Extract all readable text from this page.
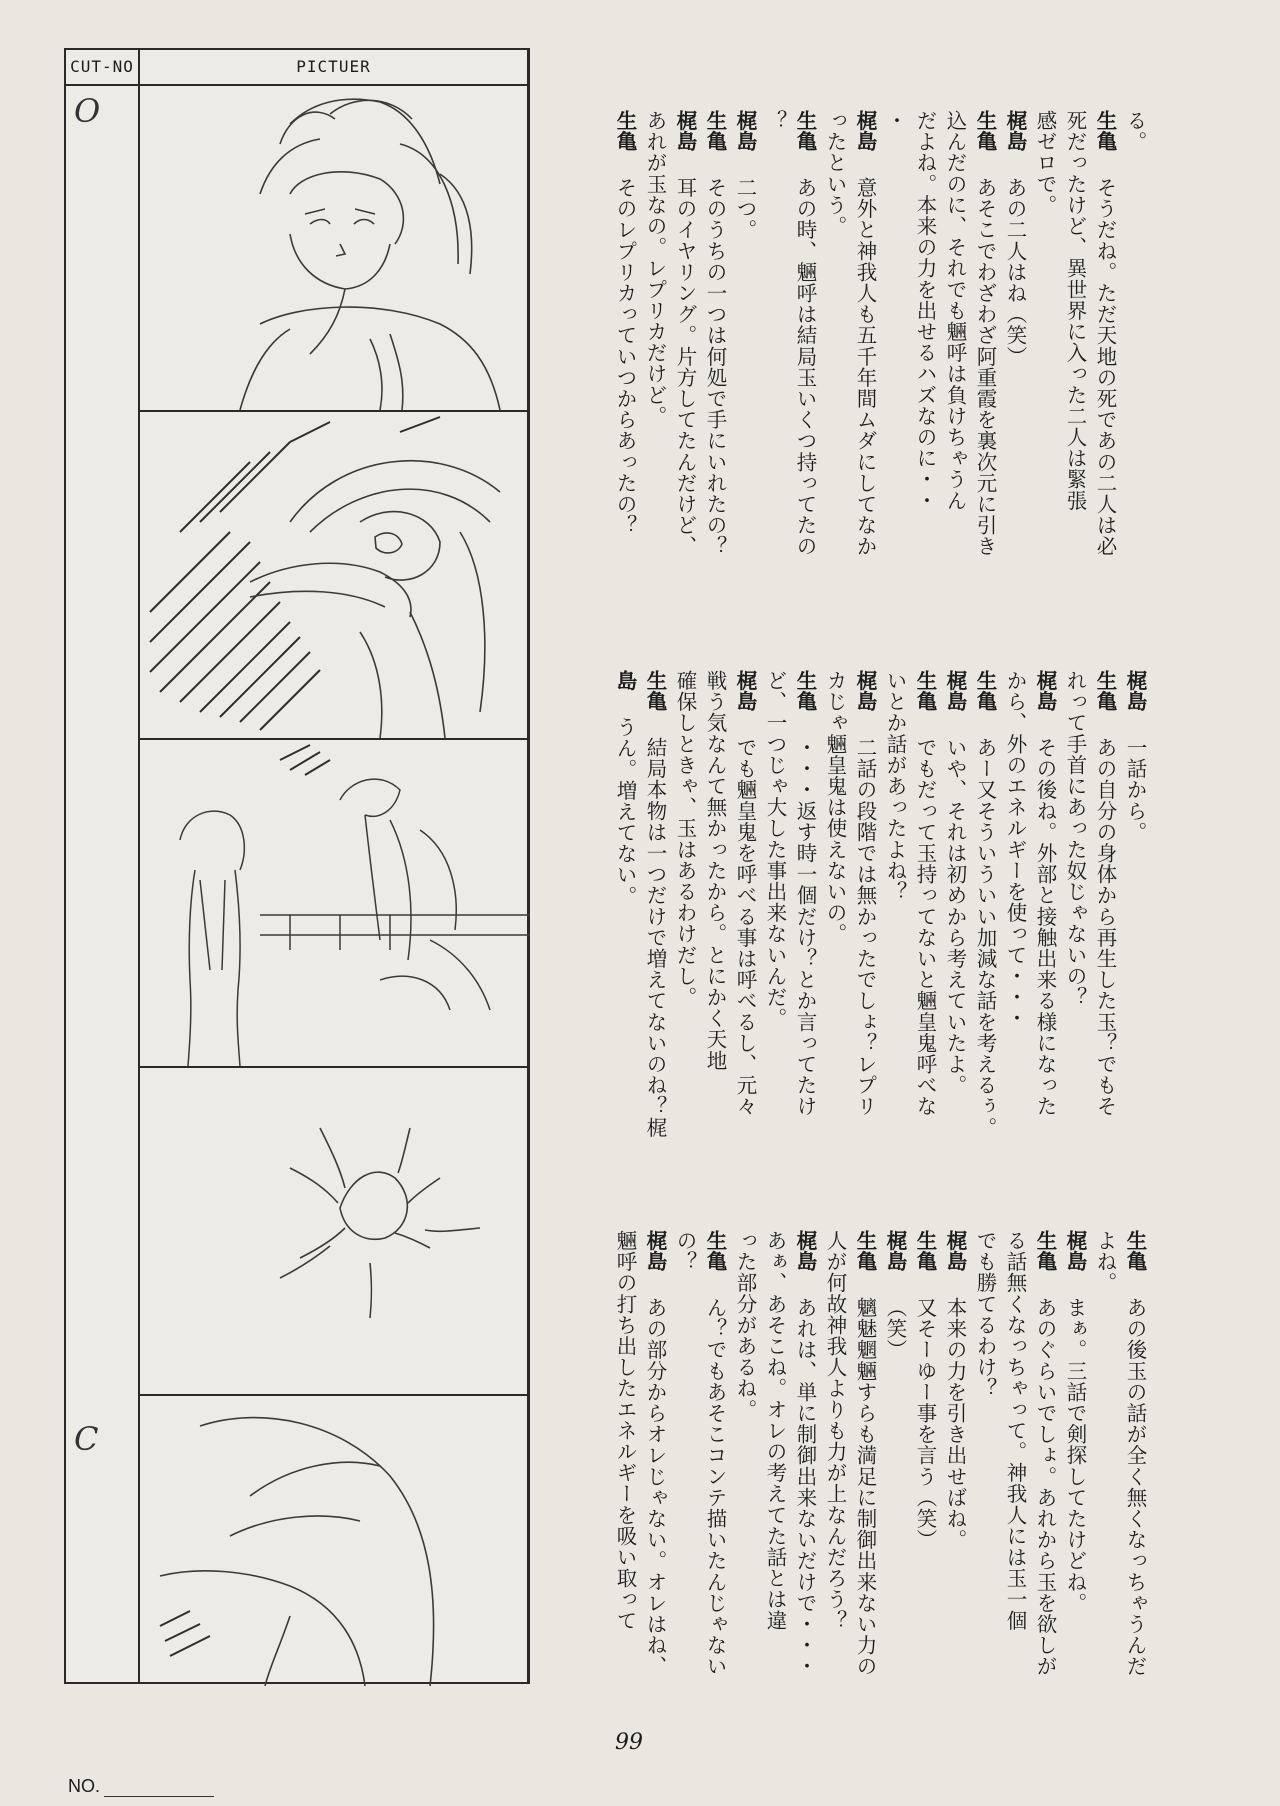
CUT-NO	PICTUER
O
C
NO.
る。
生亀そうだね。ただ天地の死であの二人は必
死だったけど、異世界に入った二人は緊張
感ゼロで。
梶島あの二人はね（笑）
生亀あそこでわざわざ阿重霞を裏次元に引き
込んだのに、それでも魎呼は負けちゃうん
だよね。本来の力を出せるハズなのに・・
・
梶島意外と神我人も五千年間ムダにしてなか
ったという。
生亀あの時、魎呼は結局玉いくつ持ってたの
？
梶島二つ。
生亀そのうちの一つは何処で手にいれたの？
梶島耳のイヤリング。片方してたんだけど、
あれが玉なの。レプリカだけど。
生亀そのレプリカっていつからあったの？
梶島一話から。
生亀あの自分の身体から再生した玉？でもそ
れって手首にあった奴じゃないの？
梶島その後ね。外部と接触出来る様になった
から、外のエネルギーを使って・・・
生亀あー又そういういい加減な話を考えるぅ。
梶島いや、それは初めから考えていたよ。
生亀でもだって玉持ってないと魎皇鬼呼べな
いとか話があったよね？
梶島二話の段階では無かったでしょ？レプリ
カじゃ魎皇鬼は使えないの。
生亀・・・返す時一個だけ？とか言ってたけ
ど、一つじゃ大した事出来ないんだ。
梶島でも魎皇鬼を呼べる事は呼べるし、元々
戦う気なんて無かったから。とにかく天地
確保しときゃ、玉はあるわけだし。
生亀結局本物は一つだけで増えてないのね？梶
島うん。増えてない。
生亀あの後玉の話が全く無くなっちゃうんだ
よね。
梶島まぁ。三話で剣探してたけどね。
生亀あのぐらいでしょ。あれから玉を欲しが
る話無くなっちゃって。神我人には玉一個
でも勝てるわけ？
梶島本来の力を引き出せばね。
生亀又そーゆー事を言う（笑）
梶島（笑）
生亀魑魅魍魎すらも満足に制御出来ない力の
人が何故神我人よりも力が上なんだろう？
梶島あれは、単に制御出来ないだけで・・・
あぁ、あそこね。オレの考えてた話とは違
った部分があるね。
生亀ん？でもあそこコンテ描いたんじゃない
の？
梶島あの部分からオレじゃない。オレはね、
魎呼の打ち出したエネルギーを吸い取って
99
